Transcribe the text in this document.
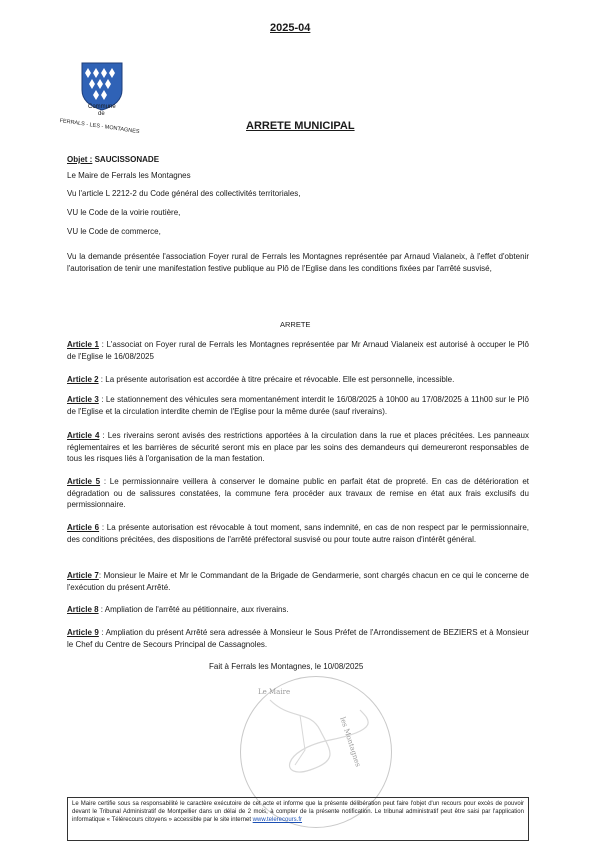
2025-04
Commune
de
FERRALS - LES - MONTAGNES	ARRETE MUNICIPAL
Objet : SAUCISSONADE
Le Maire de Ferrals les Montagnes
Vu l'article L 2212-2 du Code général des collectivités territoriales,
VU le Code de la voirie routière,
VU le Code de commerce,
Vu la demande présentée l'association Foyer rural de Ferrals les Montagnes représentée par Arnaud Vialaneix, à l'effet d'obtenir l'autorisation de tenir une manifestation festive publique au Plô de l'Eglise dans les conditions fixées par l'arrêté susvisé,
ARRETE
Article 1 : L'associat on Foyer rural de Ferrals les Montagnes représentée par Mr Arnaud Vialaneix est autorisé à occuper le Plô de l'Eglise le 16/08/2025
Article 2 : La présente autorisation est accordée à titre précaire et révocable. Elle est personnelle, incessible.
Article 3 : Le stationnement des véhicules sera momentanément interdit le 16/08/2025 à 10h00 au 17/08/2025 à 11h00 sur le Plô de l'Eglise et la circulation interdite chemin de l'Eglise pour la même durée (sauf riverains).
Article 4 : Les riverains seront avisés des restrictions apportées à la circulation dans la rue et places précitées. Les panneaux réglementaires et les barrières de sécurité seront mis en place par les soins des demandeurs qui demeureront responsables de tous les risques liés à l'organisation de la man festation.
Article 5 : Le permissionnaire veillera à conserver le domaine public en parfait état de propreté. En cas de détérioration et dégradation ou de salissures constatées, la commune fera procéder aux travaux de remise en état aux frais exclusifs du permissionnaire.
Article 6 : La présente autorisation est révocable à tout moment, sans indemnité, en cas de non respect par le permissionnaire, des conditions précitées, des dispositions de l'arrêté préfectoral susvisé ou pour toute autre raison d'intérêt général.
Article 7: Monsieur le Maire et Mr le Commandant de la Brigade de Gendarmerie, sont chargés chacun en ce qui le concerne de l'exécution du présent Arrêté.
Article 8 : Ampliation de l'arrêté au pétitionnaire, aux riverains.
Article 9 : Ampliation du présent Arrêté sera adressée à Monsieur le Sous Préfet de l'Arrondissement de BEZIERS et à Monsieur le Chef du Centre de Secours Principal de Cassagnoles.
Fait à Ferrals les Montagnes, le 10/08/2025
Le Maire
les Montagnes
Le Maire certifie sous sa responsabilité le caractère exécutoire de cet acte et informe que la présente délibération peut faire l'objet d'un recours pour excès de pouvoir devant le Tribunal Administratif de Montpellier dans un délai de 2 mois, à compter de la présente notification. Le tribunal administratif peut être saisi par l'application informatique « Télérecours citoyens » accessible par le site internet www.telerecours.fr
